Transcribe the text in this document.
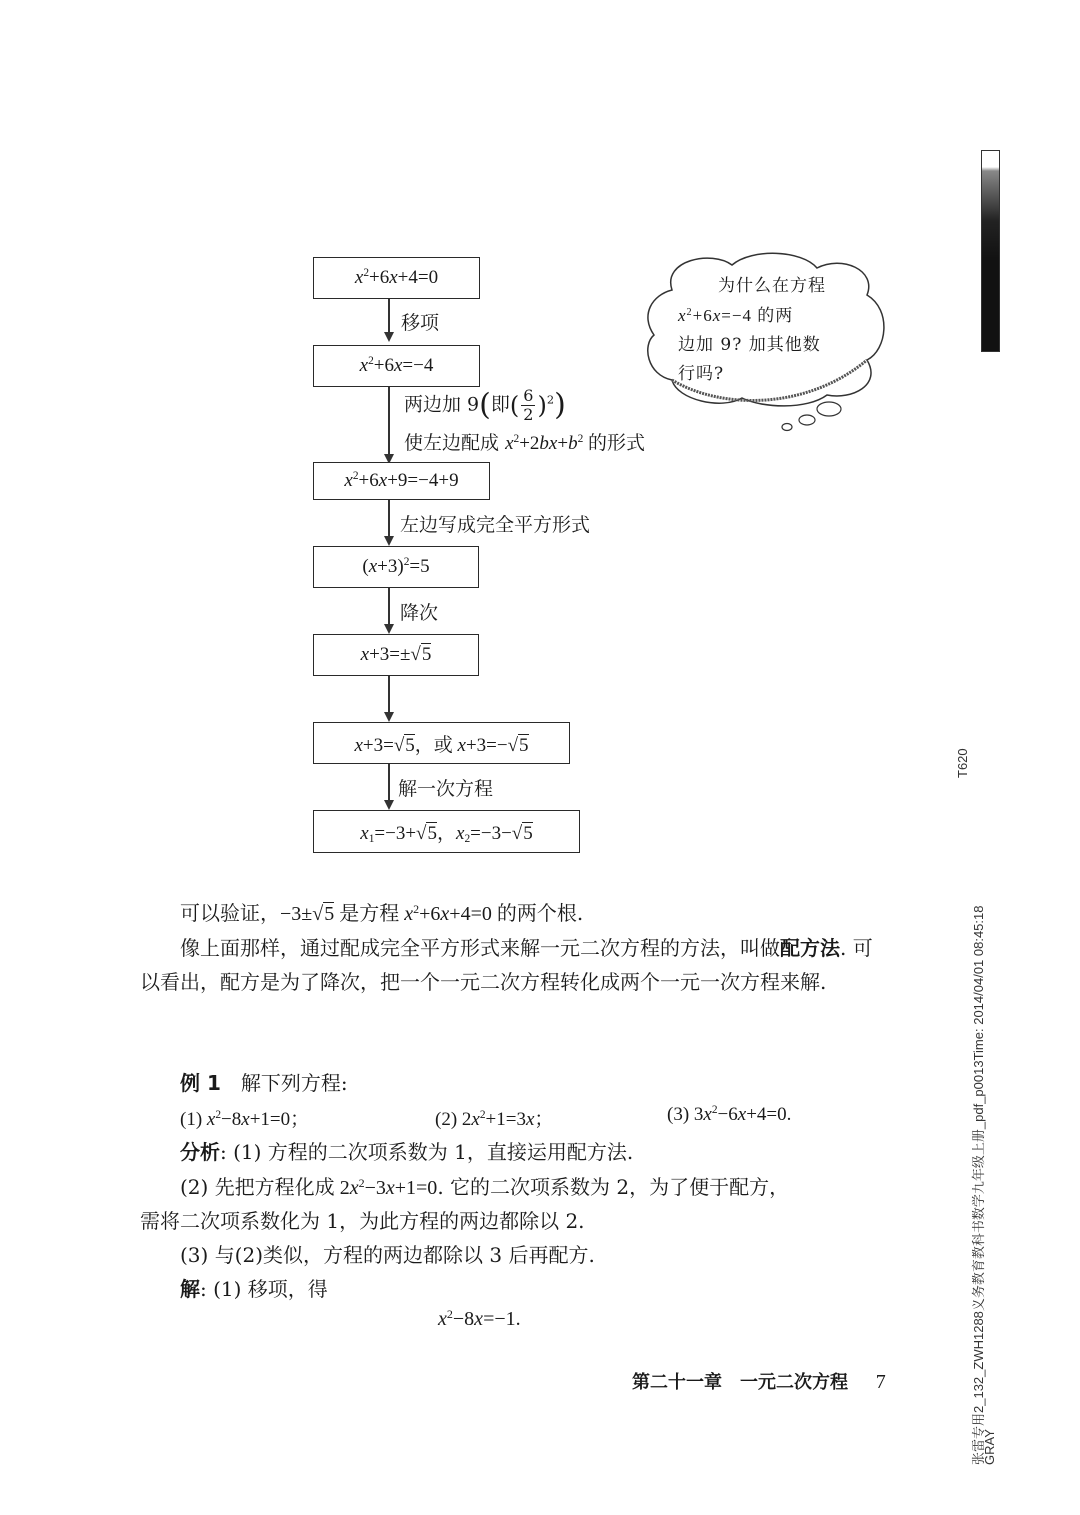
$x^2+6x+4=0$
移项
$x^2+6x=-4$
两边加 9(即( $\frac{6}{2} )^2$)
使左边配成 $x^2+2bx+b^2$ 的形式
$x^2+6x+9=-4+9$
左边写成完全平方形式
$(x+3)^2=5$
降次
x+3=±√5
x+3=√5，或 x+3=−√5
解一次方程
$x_1=-3+√5$，$x_2=-3-√5$
为什么在方程
$x^2+6x=-4$ 的两
边加 9? 加其他数
行吗?
可以验证，−3±√5 是方程 $x^2+6x+4=0$ 的两个根.
像上面那样，通过配成完全平方形式来解一元二次方程的方法，叫做配方法. 可以看出，配方是为了降次，把一个一元二次方程转化成两个一元一次方程来解.
例 1　 解下列方程:
(1) $x^2-8x+1=0$；	(2) $2x^2+1=3x$；	(3) $3x^2-6x+4=0$.
分析: (1) 方程的二次项系数为 1，直接运用配方法.
(2) 先把方程化成 $2x^2-3x+1=0$. 它的二次项系数为 2，为了便于配方，
需将二次项系数化为 1，为此方程的两边都除以 2.
(3) 与(2)类似，方程的两边都除以 3 后再配方.
解: (1) 移项，得
$x^2-8x=-1$.
第二十一章　一元二次方程 7
T620
张雷专用2_132_ZWH1288义务教育教科书数学九年级上册_pdf_p0013Time: 2014/04/01 08:45:18
GRAY
